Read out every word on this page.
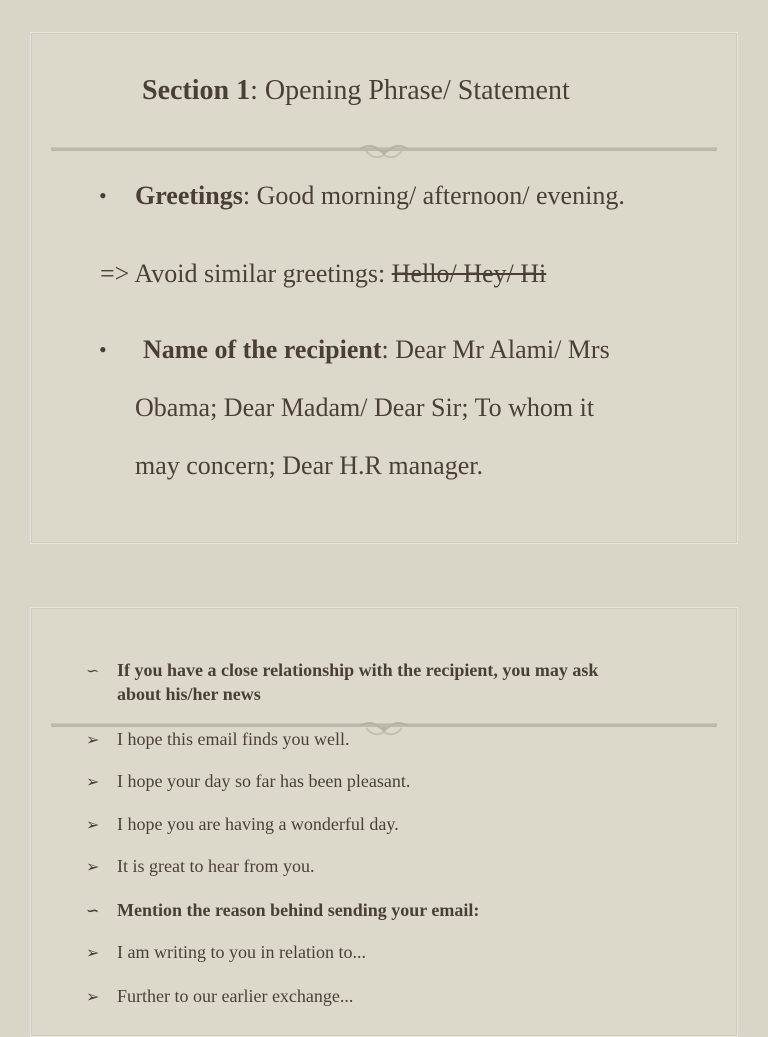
Section 1: Opening Phrase/ Statement
• Greetings: Good morning/ afternoon/ evening.
=> Avoid similar greetings: Hello/ Hey/ Hi
• Name of the recipient: Dear Mr Alami/ Mrs
Obama; Dear Madam/ Dear Sir; To whom it
may concern; Dear H.R manager.
∽ If you have a close relationship with the recipient, you may ask
about his/her news
➢ I hope this email finds you well.
➢ I hope your day so far has been pleasant.
➢ I hope you are having a wonderful day.
➢ It is great to hear from you.
∽ Mention the reason behind sending your email:
➢ I am writing to you in relation to...
➢ Further to our earlier exchange...
